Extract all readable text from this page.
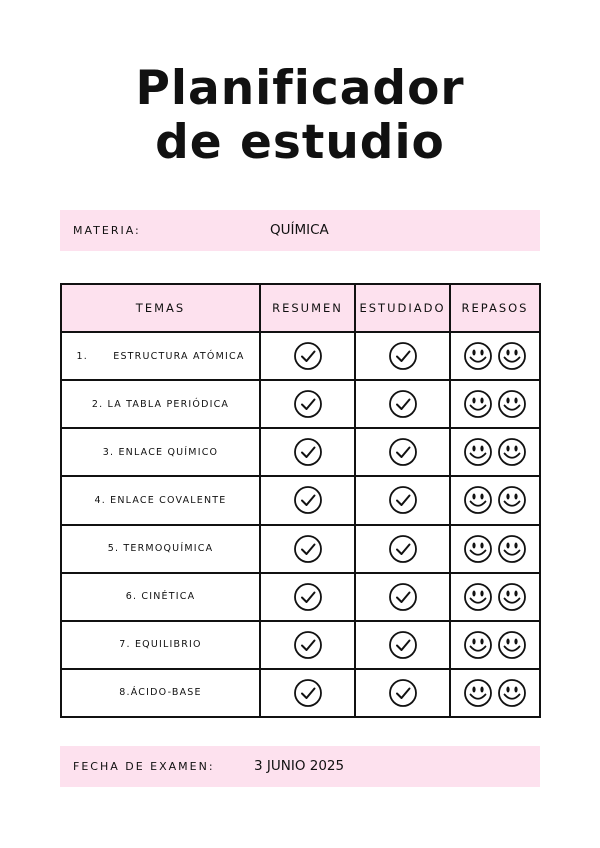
Planificador
de estudio
MATERIA:	QUÍMICA
TEMAS	RESUMEN	ESTUDIADO	REPASOS
1.      ESTRUCTURA ATÓMICA	

2. LA TABLA PERIÓDICA	

3. ENLACE QUÍMICO	

4. ENLACE COVALENTE	

5. TERMOQUÍMICA	

6. CINÉTICA	

7. EQUILIBRIO	

8.ÁCIDO-BASE	

FECHA DE EXAMEN:	3 JUNIO 2025
